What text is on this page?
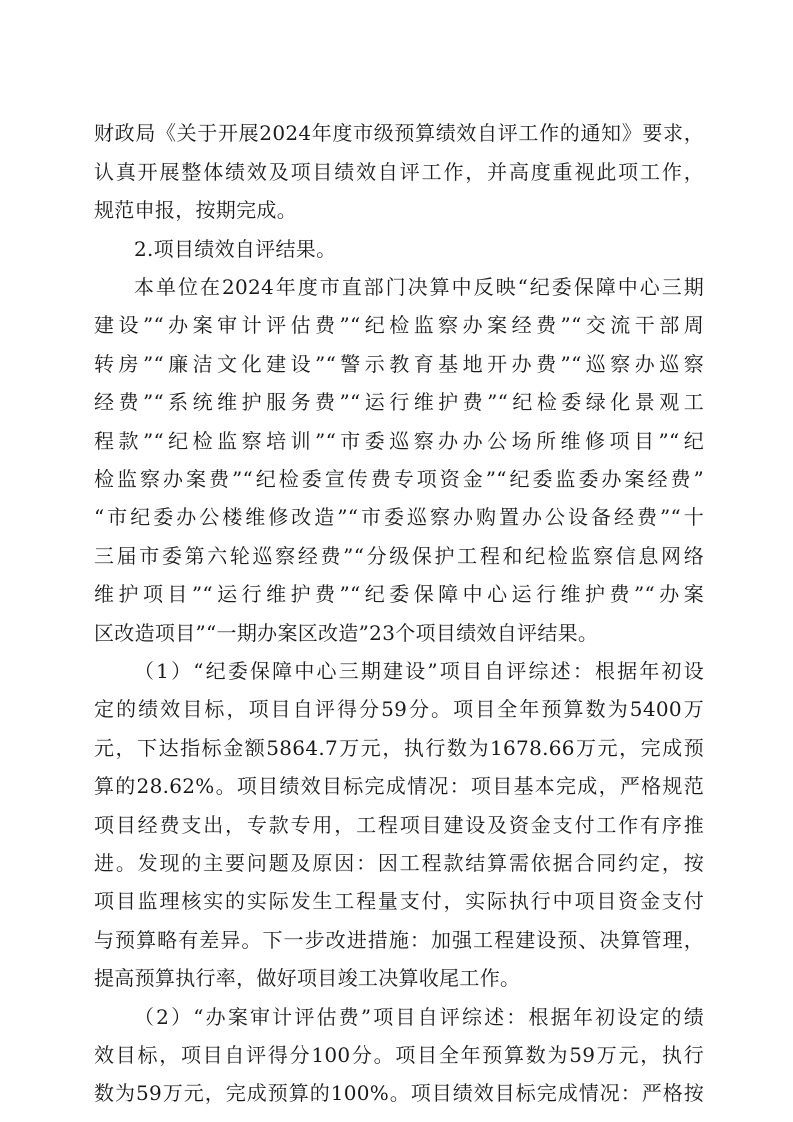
财政局《关于开展2024年度市级预算绩效自评工作的通知》要求，
认真开展整体绩效及项目绩效自评工作，并高度重视此项工作，
规范申报，按期完成。
2.项目绩效自评结果。
本单位在2024年度市直部门决算中反映“纪委保障中心三期
建设”“办案审计评估费”“纪检监察办案经费”“交流干部周
转房”“廉洁文化建设”“警示教育基地开办费”“巡察办巡察
经费”“系统维护服务费”“运行维护费”“纪检委绿化景观工
程款”“纪检监察培训”“市委巡察办办公场所维修项目”“纪
检监察办案费”“纪检委宣传费专项资金”“纪委监委办案经费”
“市纪委办公楼维修改造”“市委巡察办购置办公设备经费”“十
三届市委第六轮巡察经费”“分级保护工程和纪检监察信息网络
维护项目”“运行维护费”“纪委保障中心运行维护费”“办案
区改造项目”“一期办案区改造”23个项目绩效自评结果。
（1）“纪委保障中心三期建设”项目自评综述：根据年初设
定的绩效目标，项目自评得分59分。项目全年预算数为5400万
元，下达指标金额5864.7万元，执行数为1678.66万元，完成预
算的28.62%。项目绩效目标完成情况：项目基本完成，严格规范
项目经费支出，专款专用，工程项目建设及资金支付工作有序推
进。发现的主要问题及原因：因工程款结算需依据合同约定，按
项目监理核实的实际发生工程量支付，实际执行中项目资金支付
与预算略有差异。下一步改进措施：加强工程建设预、决算管理，
提高预算执行率，做好项目竣工决算收尾工作。
（2）“办案审计评估费”项目自评综述：根据年初设定的绩
效目标，项目自评得分100分。项目全年预算数为59万元，执行
数为59万元，完成预算的100%。项目绩效目标完成情况：严格按
